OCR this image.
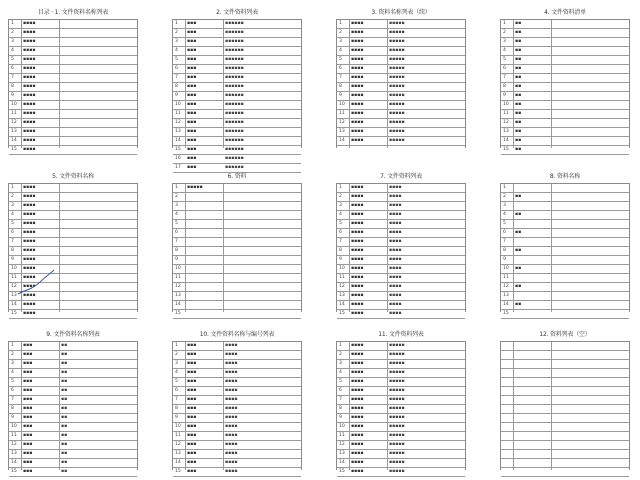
目录 · 1. 文件资料名称列表
1	▪▪▪▪
2	▪▪▪▪
3	▪▪▪▪
4	▪▪▪▪
5	▪▪▪▪
6	▪▪▪▪
7	▪▪▪▪
8	▪▪▪▪
9	▪▪▪▪
10	▪▪▪▪
11	▪▪▪▪
12	▪▪▪▪
13	▪▪▪▪
14	▪▪▪▪
15	▪▪▪▪
2. 文件资料列表
1	▪▪▪	▪▪▪▪▪▪
2	▪▪▪	▪▪▪▪▪▪
3	▪▪▪	▪▪▪▪▪▪
4	▪▪▪	▪▪▪▪▪▪
5	▪▪▪	▪▪▪▪▪▪
6	▪▪▪	▪▪▪▪▪▪
7	▪▪▪	▪▪▪▪▪▪
8	▪▪▪	▪▪▪▪▪▪
9	▪▪▪	▪▪▪▪▪▪
10	▪▪▪	▪▪▪▪▪▪
11	▪▪▪	▪▪▪▪▪▪
12	▪▪▪	▪▪▪▪▪▪
13	▪▪▪	▪▪▪▪▪▪
14	▪▪▪	▪▪▪▪▪▪
15	▪▪▪	▪▪▪▪▪▪
16	▪▪▪	▪▪▪▪▪▪
17	▪▪▪	▪▪▪▪▪▪
3. 资料名称列表（续）
1	▪▪▪▪	▪▪▪▪▪
2	▪▪▪▪	▪▪▪▪▪
3	▪▪▪▪	▪▪▪▪▪
4	▪▪▪▪	▪▪▪▪▪
5	▪▪▪▪	▪▪▪▪▪
6	▪▪▪▪	▪▪▪▪▪
7	▪▪▪▪	▪▪▪▪▪
8	▪▪▪▪	▪▪▪▪▪
9	▪▪▪▪	▪▪▪▪▪
10	▪▪▪▪	▪▪▪▪▪
11	▪▪▪▪	▪▪▪▪▪
12	▪▪▪▪	▪▪▪▪▪
13	▪▪▪▪	▪▪▪▪▪
14	▪▪▪▪	▪▪▪▪▪
4. 文件资料清单
1	▪▪
2	▪▪
3	▪▪
4	▪▪
5	▪▪
6	▪▪
7	▪▪
8	▪▪
9	▪▪
10	▪▪
11	▪▪
12	▪▪
13	▪▪
14	▪▪
15	▪▪
5. 文件资料名称
1	▪▪▪▪
2	▪▪▪▪
3	▪▪▪▪
4	▪▪▪▪
5	▪▪▪▪
6	▪▪▪▪
7	▪▪▪▪
8	▪▪▪▪
9	▪▪▪▪
10	▪▪▪▪
11	▪▪▪▪
12	▪▪▪▪
13	▪▪▪▪
14	▪▪▪▪
15	▪▪▪▪
6. 资料
1	▪▪▪▪▪
2
3
4
5
6
7
8
9
10
11
12
13
14
15
7. 文件资料列表
1	▪▪▪▪	▪▪▪▪
2	▪▪▪▪	▪▪▪▪
3	▪▪▪▪	▪▪▪▪
4	▪▪▪▪	▪▪▪▪
5	▪▪▪▪	▪▪▪▪
6	▪▪▪▪	▪▪▪▪
7	▪▪▪▪	▪▪▪▪
8	▪▪▪▪	▪▪▪▪
9	▪▪▪▪	▪▪▪▪
10	▪▪▪▪	▪▪▪▪
11	▪▪▪▪	▪▪▪▪
12	▪▪▪▪	▪▪▪▪
13	▪▪▪▪	▪▪▪▪
14	▪▪▪▪	▪▪▪▪
15	▪▪▪▪	▪▪▪▪
8. 资料名称
1
2	▪▪
3
4	▪▪
5
6	▪▪
7
8	▪▪
9
10	▪▪
11
12	▪▪
13
14	▪▪
15
9. 文件资料名称列表
1	▪▪▪	▪▪
2	▪▪▪	▪▪
3	▪▪▪	▪▪
4	▪▪▪	▪▪
5	▪▪▪	▪▪
6	▪▪▪	▪▪
7	▪▪▪	▪▪
8	▪▪▪	▪▪
9	▪▪▪	▪▪
10	▪▪▪	▪▪
11	▪▪▪	▪▪
12	▪▪▪	▪▪
13	▪▪▪	▪▪
14	▪▪▪	▪▪
15	▪▪▪	▪▪
10. 文件资料名称与编号列表
1	▪▪▪	▪▪▪▪
2	▪▪▪	▪▪▪▪
3	▪▪▪	▪▪▪▪
4	▪▪▪	▪▪▪▪
5	▪▪▪	▪▪▪▪
6	▪▪▪	▪▪▪▪
7	▪▪▪	▪▪▪▪
8	▪▪▪	▪▪▪▪
9	▪▪▪	▪▪▪▪
10	▪▪▪	▪▪▪▪
11	▪▪▪	▪▪▪▪
12	▪▪▪	▪▪▪▪
13	▪▪▪	▪▪▪▪
14	▪▪▪	▪▪▪▪
15	▪▪▪	▪▪▪▪
11. 文件资料列表
1	▪▪▪▪	▪▪▪▪▪
2	▪▪▪▪	▪▪▪▪▪
3	▪▪▪▪	▪▪▪▪▪
4	▪▪▪▪	▪▪▪▪▪
5	▪▪▪▪	▪▪▪▪▪
6	▪▪▪▪	▪▪▪▪▪
7	▪▪▪▪	▪▪▪▪▪
8	▪▪▪▪	▪▪▪▪▪
9	▪▪▪▪	▪▪▪▪▪
10	▪▪▪▪	▪▪▪▪▪
11	▪▪▪▪	▪▪▪▪▪
12	▪▪▪▪	▪▪▪▪▪
13	▪▪▪▪	▪▪▪▪▪
14	▪▪▪▪	▪▪▪▪▪
15	▪▪▪▪	▪▪▪▪▪
12. 资料列表（空）
